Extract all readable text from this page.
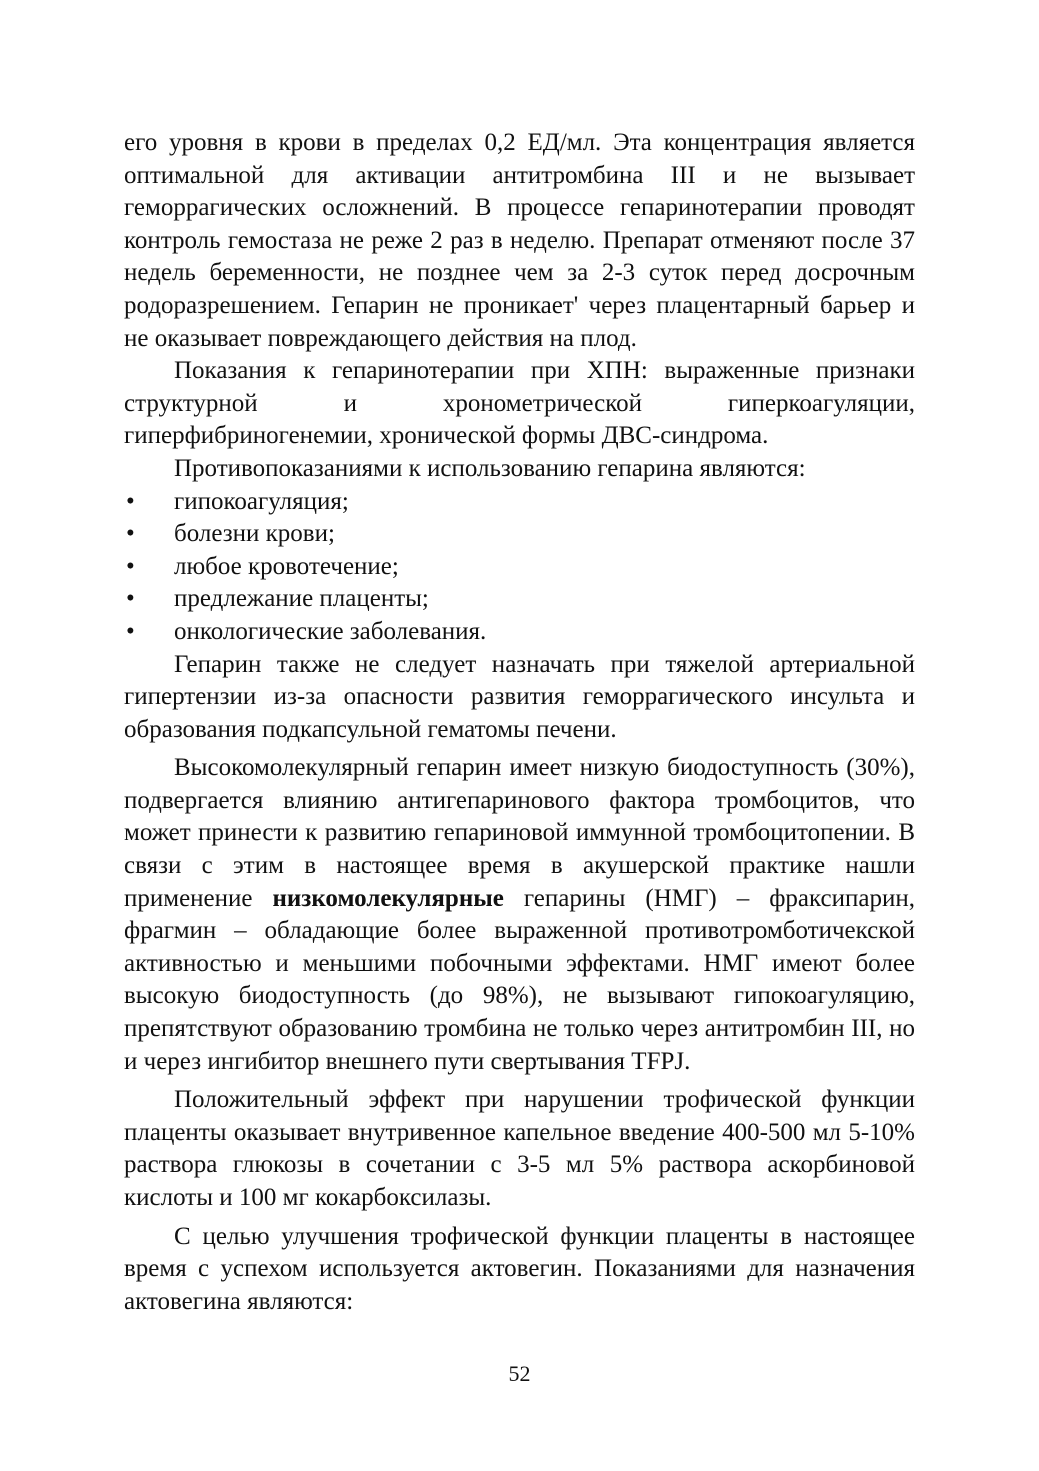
его уровня в крови в пределах 0,2 ЕД/мл. Эта концентрация является оптимальной для активации антитромбина III и не вызывает геморрагических осложнений. В процессе гепаринотерапии проводят контроль гемостаза не реже 2 раз в неделю. Препарат отменяют после 37 недель беременности, не позднее чем за 2-3 суток перед досрочным родоразрешением. Гепарин не проникает' через плацентарный барьер и не оказывает повреждающего действия на плод.

Показания к гепаринотерапии при ХПН: выраженные признаки структурной и хронометрической гиперкоагуляции, гиперфибриногенемии, хронической формы ДВС-синдрома.

Противопоказаниями к использованию гепарина являются:

• гипокоагуляция;
• болезни крови;
• любое кровотечение;
• предлежание плаценты;
• онкологические заболевания.

Гепарин также не следует назначать при тяжелой артериальной гипертензии из-за опасности развития геморрагического инсульта и образования подкапсульной гематомы печени.

Высокомолекулярный гепарин имеет низкую биодоступность (30%), подвергается влиянию антигепаринового фактора тромбоцитов, что может принести к развитию гепариновой иммунной тромбоцитопении. В связи с этим в настоящее время в акушерской практике нашли применение низкомолекулярные гепарины (НМГ) – фраксипарин, фрагмин – обладающие более выраженной противотромботичекской активностью и меньшими побочными эффектами. НМГ имеют более высокую биодоступность (до 98%), не вызывают гипокоагуляцию, препятствуют образованию тромбина не только через антитромбин III, но и через ингибитор внешнего пути свертывания TFPJ.

Положительный эффект при нарушении трофической функции плаценты оказывает внутривенное капельное введение 400-500 мл 5-10% раствора глюкозы в сочетании с 3-5 мл 5% раствора аскорбиновой кислоты и 100 мг кокарбоксилазы.

С целью улучшения трофической функции плаценты в настоящее время с успехом используется актовегин. Показаниями для назначения актовегина являются:

52
